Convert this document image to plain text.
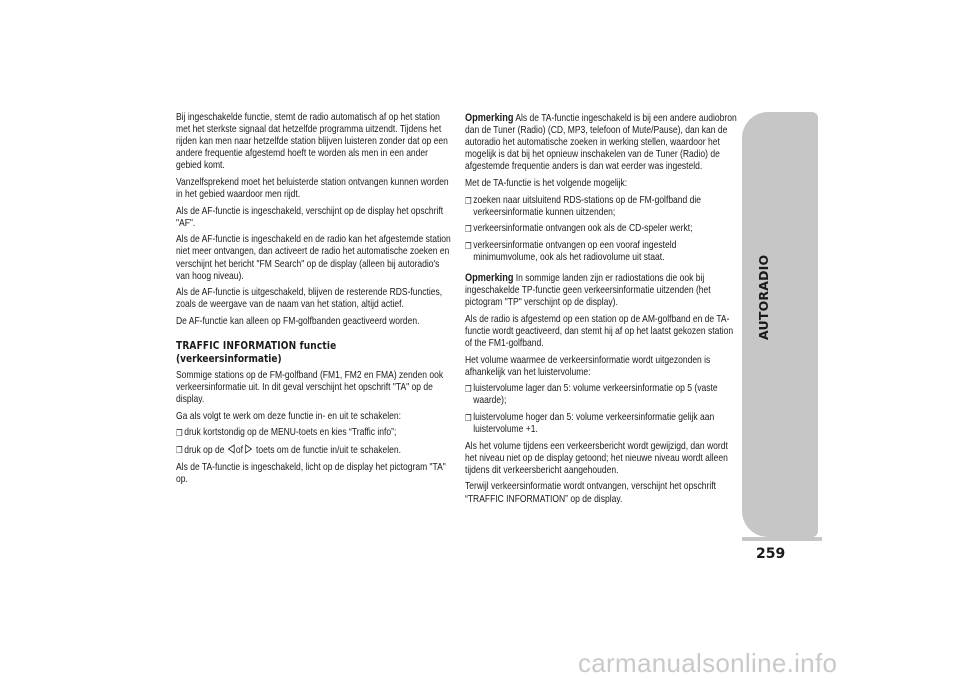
Bij ingeschakelde functie, stemt de radio automatisch af op het station met het sterkste signaal dat hetzelfde programma uitzendt. Tijdens het rijden kan men naar hetzelfde station blijven luisteren zonder dat op een andere frequentie afgestemd hoeft te worden als men in een ander gebied komt.

Vanzelfsprekend moet het beluisterde station ontvangen kunnen worden in het gebied waardoor men rijdt.

Als de AF-functie is ingeschakeld, verschijnt op de display het opschrift "AF".

Als de AF-functie is ingeschakeld en de radio kan het afgestemde station niet meer ontvangen, dan activeert de radio het automatische zoeken en verschijnt het bericht "FM Search" op de display (alleen bij autoradio's van hoog niveau).

Als de AF-functie is uitgeschakeld, blijven de resterende RDS-functies, zoals de weergave van de naam van het station, altijd actief.

De AF-functie kan alleen op FM-golfbanden geactiveerd worden.

TRAFFIC INFORMATION functie
(verkeersinformatie)

Sommige stations op de FM-golfband (FM1, FM2 en FMA) zenden ook verkeersinformatie uit. In dit geval verschijnt het opschrift "TA" op de display.

Ga als volgt te werk om deze functie in- en uit te schakelen:

❒ druk kortstondig op de MENU-toets en kies “Traffic info”;
❒ druk op de of toets om de functie in/uit te schakelen.

Als de TA-functie is ingeschakeld, licht op de display het pictogram "TA" op.

Opmerking Als de TA-functie ingeschakeld is bij een andere audiobron dan de Tuner (Radio) (CD, MP3, telefoon of Mute/Pause), dan kan de autoradio het automatische zoeken in werking stellen, waardoor het mogelijk is dat bij het opnieuw inschakelen van de Tuner (Radio) de afgestemde frequentie anders is dan wat eerder was ingesteld.

Met de TA-functie is het volgende mogelijk:

❒ zoeken naar uitsluitend RDS-stations op de FM-golfband die verkeersinformatie kunnen uitzenden;
❒ verkeersinformatie ontvangen ook als de CD-speler werkt;
❒ verkeersinformatie ontvangen op een vooraf ingesteld minimumvolume, ook als het radiovolume uit staat.

Opmerking In sommige landen zijn er radiostations die ook bij ingeschakelde TP-functie geen verkeersinformatie uitzenden (het pictogram "TP" verschijnt op de display).

Als de radio is afgestemd op een station op de AM-golfband en de TA-functie wordt geactiveerd, dan stemt hij af op het laatst gekozen station of the FM1-golfband.

Het volume waarmee de verkeersinformatie wordt uitgezonden is afhankelijk van het luistervolume:

❒ luistervolume lager dan 5: volume verkeersinformatie op 5 (vaste waarde);
❒ luistervolume hoger dan 5: volume verkeersinformatie gelijk aan luistervolume +1.

Als het volume tijdens een verkeersbericht wordt gewijzigd, dan wordt het niveau niet op de display getoond; het nieuwe niveau wordt alleen tijdens dit verkeersbericht aangehouden.

Terwijl verkeersinformatie wordt ontvangen, verschijnt het opschrift “TRAFFIC INFORMATION” op de display.

AUTORADIO
259
carmanualsonline.info
